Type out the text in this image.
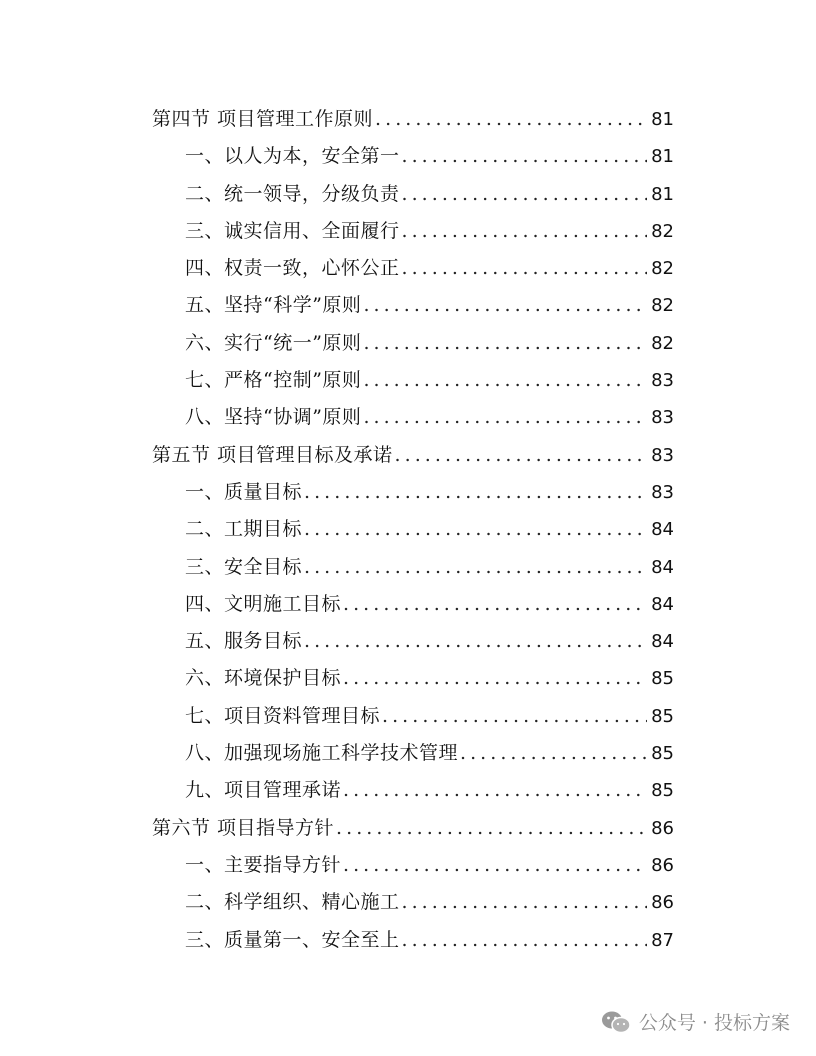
第四节 项目管理工作原则 . . .	81
一、以人为本，安全第一 . . .	81
二、统一领导，分级负责 . . .	81
三、诚实信用、全面履行 . . .	82
四、权责一致，心怀公正 . . .	82
五、坚持“科学”原则 . . .	82
六、实行“统一”原则 . . .	82
七、严格“控制”原则 . . .	83
八、坚持“协调”原则 . . .	83
第五节 项目管理目标及承诺 . . .	83
一、质量目标 . . .	83
二、工期目标 . . .	84
三、安全目标 . . .	84
四、文明施工目标 . . .	84
五、服务目标 . . .	84
六、环境保护目标 . . .	85
七、项目资料管理目标 . . .	85
八、加强现场施工科学技术管理 . . .	85
九、项目管理承诺 . . .	85
第六节 项目指导方针 . . .	86
一、主要指导方针 . . .	86
二、科学组织、精心施工 . . .	86
三、质量第一、安全至上 . . .	87
公众号 · 投标方案
